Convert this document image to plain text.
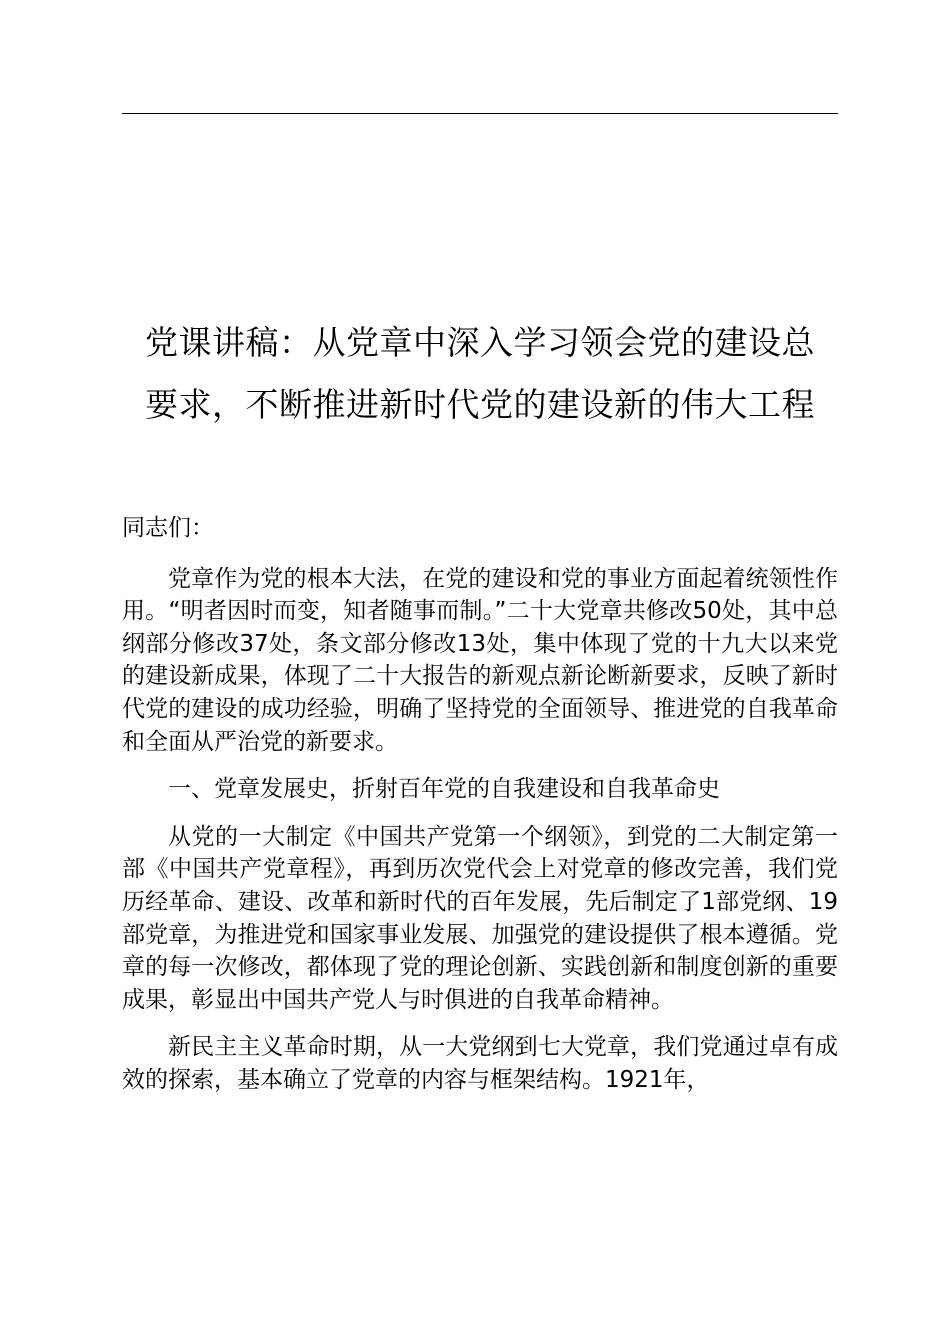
党课讲稿：从党章中深入学习领会党的建设总
要求，不断推进新时代党的建设新的伟大工程

同志们：

党章作为党的根本大法，在党的建设和党的事业方面起着统领性作用。“明者因时而变，知者随事而制。”二十大党章共修改50处，其中总纲部分修改37处，条文部分修改13处，集中体现了党的十九大以来党的建设新成果，体现了二十大报告的新观点新论断新要求，反映了新时代党的建设的成功经验，明确了坚持党的全面领导、推进党的自我革命和全面从严治党的新要求。

一、党章发展史，折射百年党的自我建设和自我革命史

从党的一大制定《中国共产党第一个纲领》，到党的二大制定第一部《中国共产党章程》，再到历次党代会上对党章的修改完善，我们党历经革命、建设、改革和新时代的百年发展，先后制定了1部党纲、19部党章，为推进党和国家事业发展、加强党的建设提供了根本遵循。党章的每一次修改，都体现了党的理论创新、实践创新和制度创新的重要成果，彰显出中国共产党人与时俱进的自我革命精神。

新民主主义革命时期，从一大党纲到七大党章，我们党通过卓有成效的探索，基本确立了党章的内容与框架结构。1921年，
